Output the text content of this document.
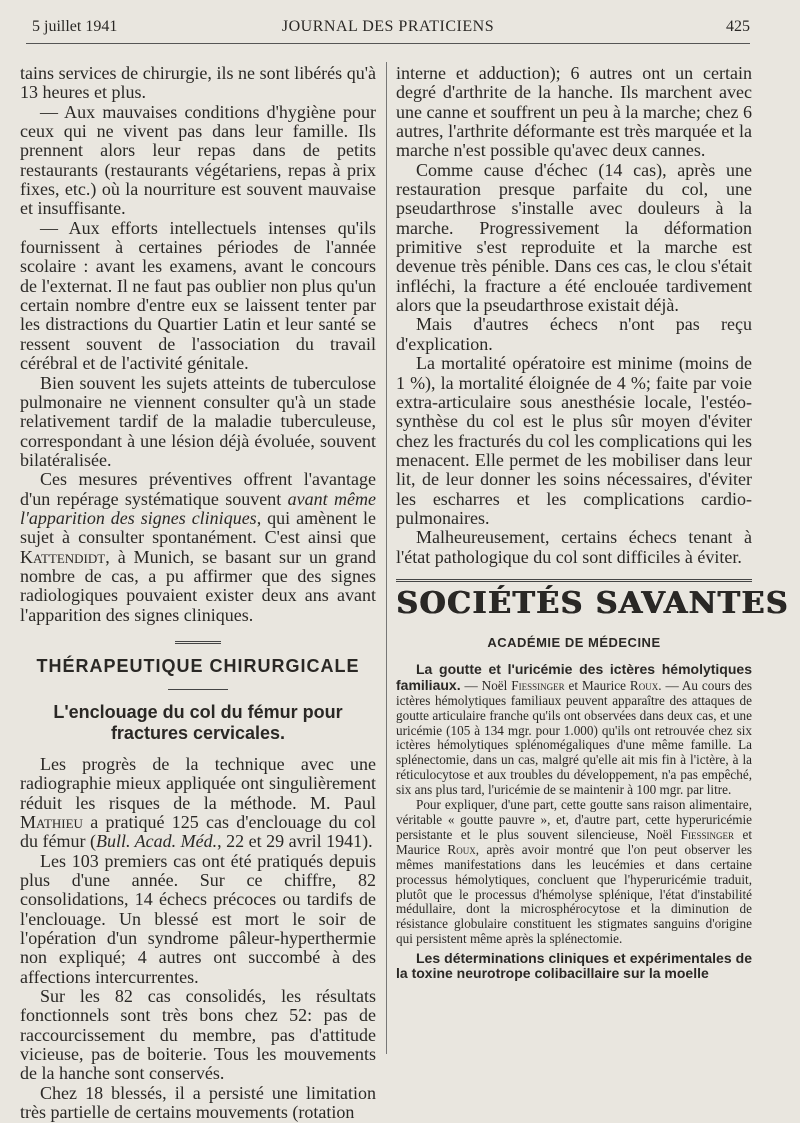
5 juillet 1941	JOURNAL DES PRATICIENS	425

tains services de chirurgie, ils ne sont libérés qu'à 13 heures et plus.

— Aux mauvaises conditions d'hygiène pour ceux qui ne vivent pas dans leur famille. Ils prennent alors leur repas dans de petits restaurants (restaurants végétariens, repas à prix fixes, etc.) où la nourriture est souvent mauvaise et insuffisante.

— Aux efforts intellectuels intenses qu'ils fournissent à certaines périodes de l'année scolaire : avant les examens, avant le concours de l'externat. Il ne faut pas oublier non plus qu'un certain nombre d'entre eux se laissent tenter par les distractions du Quartier Latin et leur santé se ressent souvent de l'association du travail cérébral et de l'activité génitale.

Bien souvent les sujets atteints de tuberculose pulmonaire ne viennent consulter qu'à un stade relativement tardif de la maladie tuberculeuse, correspondant à une lésion déjà évoluée, souvent bilatéralisée.

Ces mesures préventives offrent l'avantage d'un repérage systématique souvent avant même l'apparition des signes cliniques, qui amènent le sujet à consulter spontanément. C'est ainsi que Kattendidt, à Munich, se basant sur un grand nombre de cas, a pu affirmer que des signes radiologiques pouvaient exister deux ans avant l'apparition des signes cliniques.

THÉRAPEUTIQUE CHIRURGICALE
L'enclouage du col du fémur pour fractures cervicales.

Les progrès de la technique avec une radiographie mieux appliquée ont singulièrement réduit les risques de la méthode. M. Paul Mathieu a pratiqué 125 cas d'enclouage du col du fémur (Bull. Acad. Méd., 22 et 29 avril 1941).

Les 103 premiers cas ont été pratiqués depuis plus d'une année. Sur ce chiffre, 82 consolidations, 14 échecs précoces ou tardifs de l'enclouage. Un blessé est mort le soir de l'opération d'un syndrome pâleur-hyperthermie non expliqué; 4 autres ont succombé à des affections intercurrentes.

Sur les 82 cas consolidés, les résultats fonctionnels sont très bons chez 52: pas de raccourcissement du membre, pas d'attitude vicieuse, pas de boiterie. Tous les mouvements de la hanche sont conservés.

Chez 18 blessés, il a persisté une limitation très partielle de certains mouvements (rotation

interne et adduction); 6 autres ont un certain degré d'arthrite de la hanche. Ils marchent avec une canne et souffrent un peu à la marche; chez 6 autres, l'arthrite déformante est très marquée et la marche n'est possible qu'avec deux cannes.

Comme cause d'échec (14 cas), après une restauration presque parfaite du col, une pseudarthrose s'installe avec douleurs à la marche. Progressivement la déformation primitive s'est reproduite et la marche est devenue très pénible. Dans ces cas, le clou s'était infléchi, la fracture a été enclouée tardivement alors que la pseudarthrose existait déjà.

Mais d'autres échecs n'ont pas reçu d'explication.

La mortalité opératoire est minime (moins de 1 %), la mortalité éloignée de 4 %; faite par voie extra-articulaire sous anesthésie locale, l'estéo-synthèse du col est le plus sûr moyen d'éviter chez les fracturés du col les complications qui les menacent. Elle permet de les mobiliser dans leur lit, de leur donner les soins nécessaires, d'éviter les escharres et les complications cardio-pulmonaires.

Malheureusement, certains échecs tenant à l'état pathologique du col sont difficiles à éviter.

SOCIÉTÉS SAVANTES
ACADÉMIE DE MÉDECINE

La goutte et l'uricémie des ictères hémolytiques familiaux. — Noël Fiessinger et Maurice Roux. — Au cours des ictères hémolytiques familiaux peuvent apparaître des attaques de goutte articulaire franche qu'ils ont observées dans deux cas, et une uricémie (105 à 134 mgr. pour 1.000) qu'ils ont retrouvée chez six ictères hémolytiques splénomégaliques d'une même famille. La splénectomie, dans un cas, malgré qu'elle ait mis fin à l'ictère, à la réticulocytose et aux troubles du développement, n'a pas empêché, six ans plus tard, l'uricémie de se maintenir à 100 mgr. par litre.

Pour expliquer, d'une part, cette goutte sans raison alimentaire, véritable « goutte pauvre », et, d'autre part, cette hyperuricémie persistante et le plus souvent silencieuse, Noël Fiessinger et Maurice Roux, après avoir montré que l'on peut observer les mêmes manifestations dans les leucémies et dans certaine processus hémolytiques, concluent que l'hyperuricémie traduit, plutôt que le processus d'hémolyse splénique, l'état d'instabilité médullaire, dont la microsphérocytose et la diminution de résistance globulaire constituent les stigmates sanguins d'origine qui persistent même après la splénectomie.

Les déterminations cliniques et expérimentales de la toxine neurotrope colibacillaire sur la moelle
